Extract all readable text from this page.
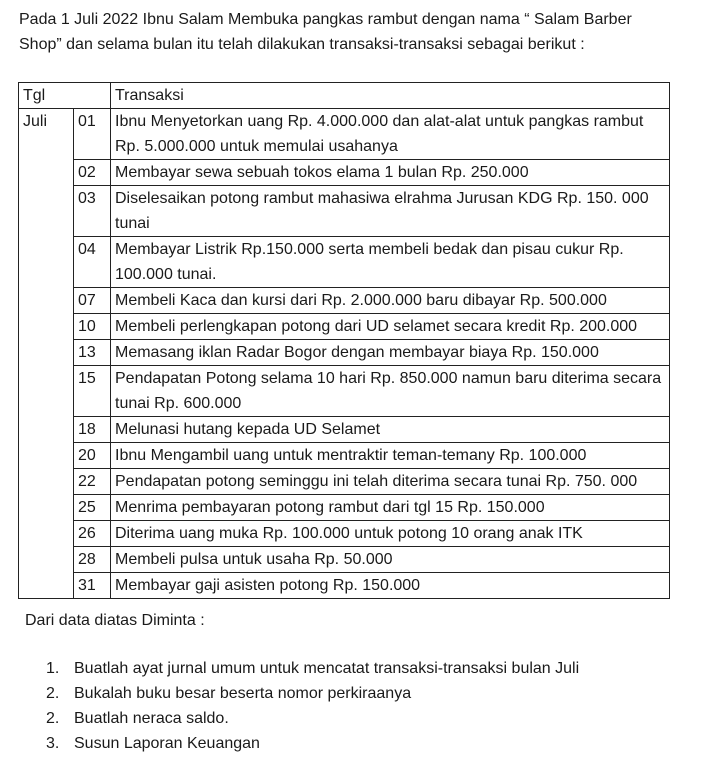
Pada 1 Juli 2022 Ibnu Salam Membuka pangkas rambut dengan nama “ Salam Barber Shop” dan selama bulan itu telah dilakukan transaksi-transaksi sebagai berikut :

Tgl		Transaksi
Juli	01	Ibnu Menyetorkan uang Rp. 4.000.000 dan alat-alat untuk pangkas rambut Rp. 5.000.000 untuk memulai usahanya
	02	Membayar sewa sebuah tokos elama 1 bulan Rp. 250.000
	03	Diselesaikan potong rambut mahasiwa elrahma Jurusan KDG Rp. 150. 000 tunai
	04	Membayar Listrik Rp.150.000 serta membeli bedak dan pisau cukur Rp. 100.000 tunai.
	07	Membeli Kaca dan kursi dari Rp. 2.000.000 baru dibayar Rp. 500.000
	10	Membeli perlengkapan potong dari UD selamet secara kredit Rp. 200.000
	13	Memasang iklan Radar Bogor dengan membayar biaya Rp. 150.000
	15	Pendapatan Potong selama 10 hari Rp. 850.000 namun baru diterima secara tunai Rp. 600.000
	18	Melunasi hutang kepada UD Selamet
	20	Ibnu Mengambil uang untuk mentraktir teman-temany Rp. 100.000
	22	Pendapatan potong seminggu ini telah diterima secara tunai Rp. 750. 000
	25	Menrima pembayaran potong rambut dari tgl 15 Rp. 150.000
	26	Diterima uang muka Rp. 100.000 untuk potong 10 orang anak ITK
	28	Membeli pulsa untuk usaha Rp. 50.000
	31	Membayar gaji asisten potong Rp. 150.000

Dari data diatas Diminta :

1. Buatlah ayat jurnal umum untuk mencatat transaksi-transaksi bulan Juli
2. Bukalah buku besar beserta nomor perkiraanya
2. Buatlah neraca saldo.
3. Susun Laporan Keuangan
